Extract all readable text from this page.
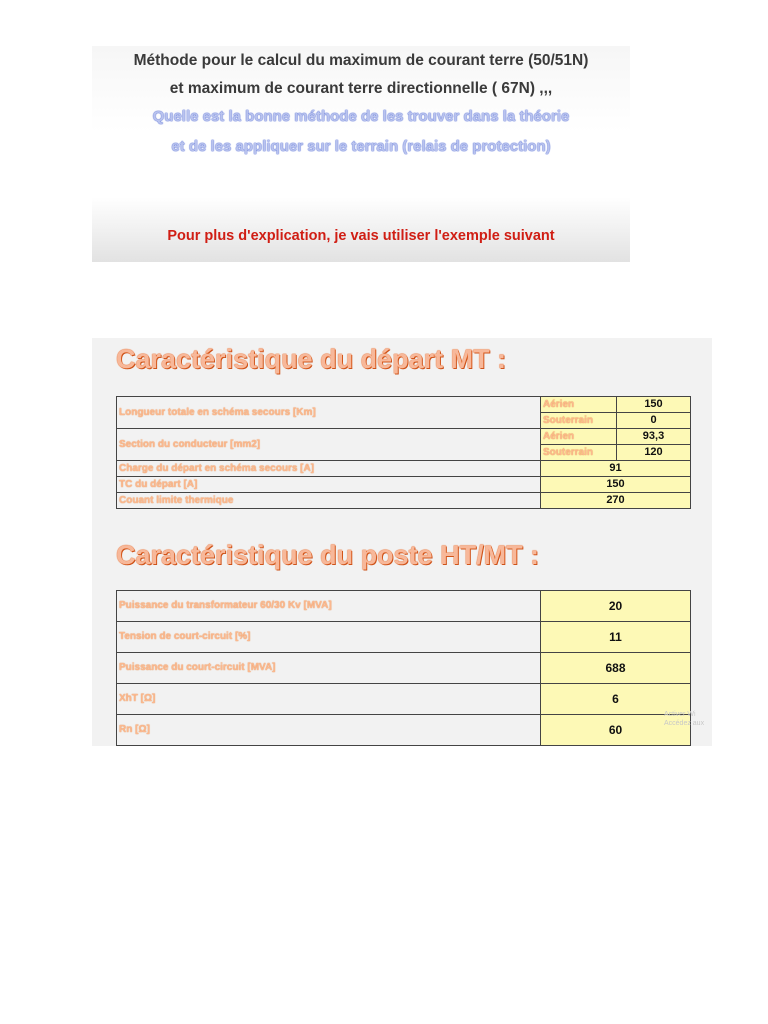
Méthode pour le calcul du maximum de courant terre (50/51N)
et maximum de courant terre directionnelle ( 67N) ,,,
Quelle est la bonne méthode de les trouver dans la théorie
et de les appliquer sur le terrain (relais de protection)
Pour plus d'explication, je vais utiliser l'exemple suivant
Caractéristique du départ MT :
Longueur totale en schéma secours [Km]	Aérien	150
	Souterrain	0
Section du conducteur [mm2]	Aérien	93,3
	Souterrain	120
Charge du départ en schéma secours [A]	91	
TC du départ [A]	150	
Couant limite thermique	270	
Caractéristique du poste HT/MT :
Puissance du transformateur 60/30 Kv [MVA]	20
Tension de court-circuit [%]	11
Puissance du court-circuit [MVA]	688
XhT [Ω]	6
Rn [Ω]	60
Activer Wi
Accédez aux
